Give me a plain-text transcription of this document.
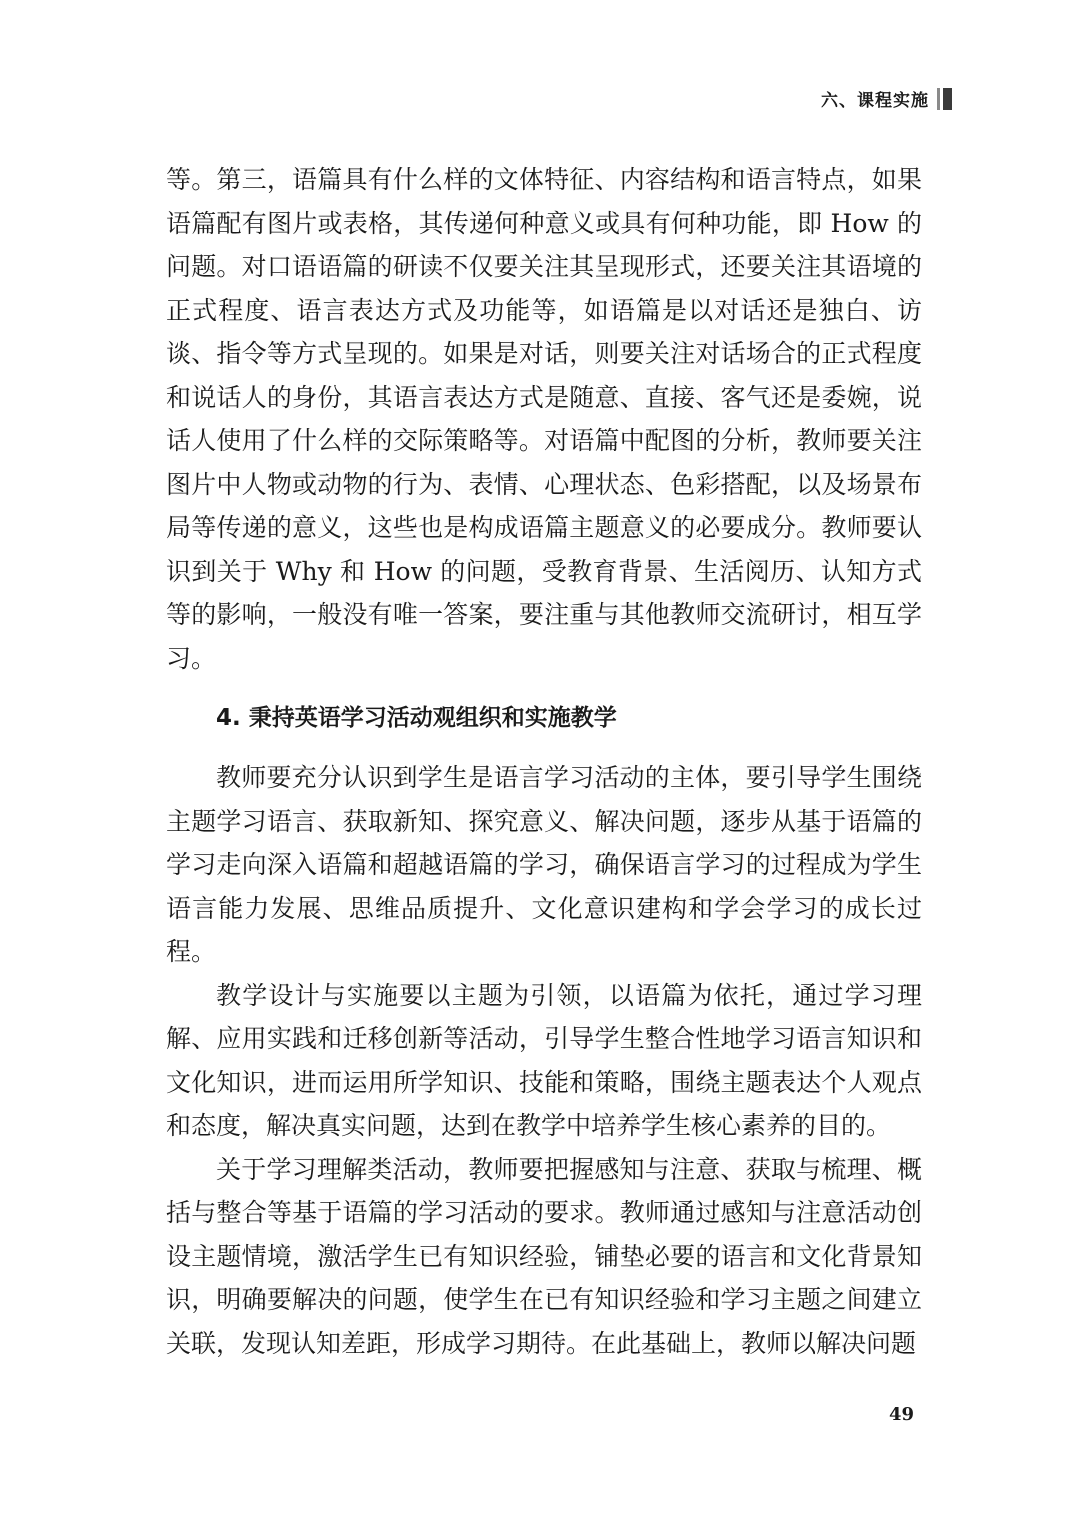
六、课程实施

等。第三，语篇具有什么样的文体特征、内容结构和语言特点，如果语篇配有图片或表格，其传递何种意义或具有何种功能，即 How 的问题。对口语语篇的研读不仅要关注其呈现形式，还要关注其语境的正式程度、语言表达方式及功能等，如语篇是以对话还是独白、访谈、指令等方式呈现的。如果是对话，则要关注对话场合的正式程度和说话人的身份，其语言表达方式是随意、直接、客气还是委婉，说话人使用了什么样的交际策略等。对语篇中配图的分析，教师要关注图片中人物或动物的行为、表情、心理状态、色彩搭配，以及场景布局等传递的意义，这些也是构成语篇主题意义的必要成分。教师要认识到关于 Why 和 How 的问题，受教育背景、生活阅历、认知方式等的影响，一般没有唯一答案，要注重与其他教师交流研讨，相互学习。

4. 秉持英语学习活动观组织和实施教学

教师要充分认识到学生是语言学习活动的主体，要引导学生围绕主题学习语言、获取新知、探究意义、解决问题，逐步从基于语篇的学习走向深入语篇和超越语篇的学习，确保语言学习的过程成为学生语言能力发展、思维品质提升、文化意识建构和学会学习的成长过程。

教学设计与实施要以主题为引领，以语篇为依托，通过学习理解、应用实践和迁移创新等活动，引导学生整合性地学习语言知识和文化知识，进而运用所学知识、技能和策略，围绕主题表达个人观点和态度，解决真实问题，达到在教学中培养学生核心素养的目的。

关于学习理解类活动，教师要把握感知与注意、获取与梳理、概括与整合等基于语篇的学习活动的要求。教师通过感知与注意活动创设主题情境，激活学生已有知识经验，铺垫必要的语言和文化背景知识，明确要解决的问题，使学生在已有知识经验和学习主题之间建立关联，发现认知差距，形成学习期待。在此基础上，教师以解决问题

49
